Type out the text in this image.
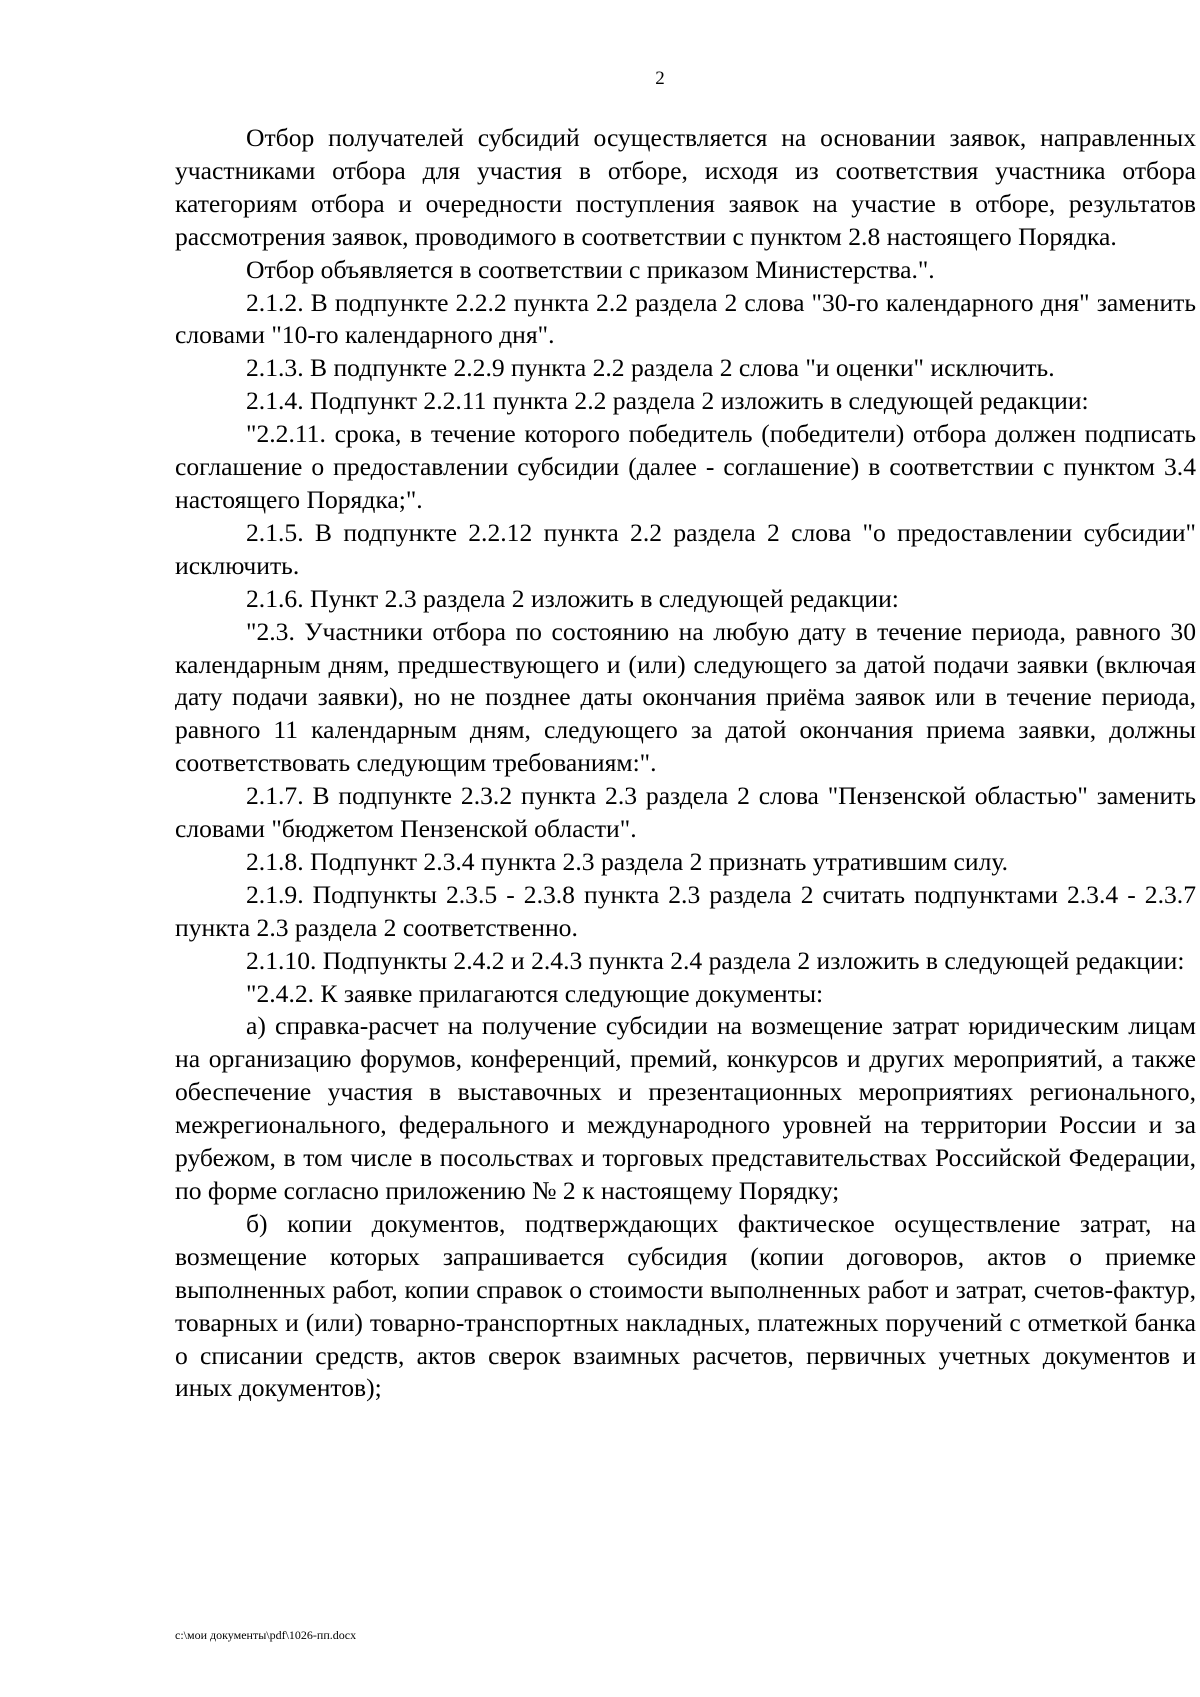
2

Отбор получателей субсидий осуществляется на основании заявок, направленных участниками отбора для участия в отборе, исходя из соответствия участника отбора категориям отбора и очередности поступления заявок на участие в отборе, результатов рассмотрения заявок, проводимого в соответствии с пунктом 2.8 настоящего Порядка.

Отбор объявляется в соответствии с приказом Министерства.".

2.1.2. В подпункте 2.2.2 пункта 2.2 раздела 2 слова "30-го календарного дня" заменить словами "10-го календарного дня".

2.1.3. В подпункте 2.2.9 пункта 2.2 раздела 2 слова "и оценки" исключить.

2.1.4. Подпункт 2.2.11 пункта 2.2 раздела 2 изложить в следующей редакции:

"2.2.11. срока, в течение которого победитель (победители) отбора должен подписать соглашение о предоставлении субсидии (далее - соглашение) в соответствии с пунктом 3.4 настоящего Порядка;".

2.1.5. В подпункте 2.2.12 пункта 2.2 раздела 2 слова "о предоставлении субсидии" исключить.

2.1.6. Пункт 2.3 раздела 2 изложить в следующей редакции:

"2.3. Участники отбора по состоянию на любую дату в течение периода, равного 30 календарным дням, предшествующего и (или) следующего за датой подачи заявки (включая дату подачи заявки), но не позднее даты окончания приёма заявок или в течение периода, равного 11 календарным дням, следующего за датой окончания приема заявки, должны соответствовать следующим требованиям:".

2.1.7. В подпункте 2.3.2 пункта 2.3 раздела 2 слова "Пензенской областью" заменить словами "бюджетом Пензенской области".

2.1.8. Подпункт 2.3.4 пункта 2.3 раздела 2 признать утратившим силу.

2.1.9. Подпункты 2.3.5 - 2.3.8 пункта 2.3 раздела 2 считать подпунктами 2.3.4 - 2.3.7 пункта 2.3 раздела 2 соответственно.

2.1.10. Подпункты 2.4.2 и 2.4.3 пункта 2.4 раздела 2 изложить в следующей редакции:

"2.4.2. К заявке прилагаются следующие документы:

а) справка-расчет на получение субсидии на возмещение затрат юридическим лицам на организацию форумов, конференций, премий, конкурсов и других мероприятий, а также обеспечение участия в выставочных и презентационных мероприятиях регионального, межрегионального, федерального и международного уровней на территории России и за рубежом, в том числе в посольствах и торговых представительствах Российской Федерации, по форме согласно приложению № 2 к настоящему Порядку;

б) копии документов, подтверждающих фактическое осуществление затрат, на возмещение которых запрашивается субсидия (копии договоров, актов о приемке выполненных работ, копии справок о стоимости выполненных работ и затрат, счетов-фактур, товарных и (или) товарно-транспортных накладных, платежных поручений с отметкой банка о списании средств, актов сверок взаимных расчетов, первичных учетных документов и иных документов);

c:\мои документы\pdf\1026-пп.docx
